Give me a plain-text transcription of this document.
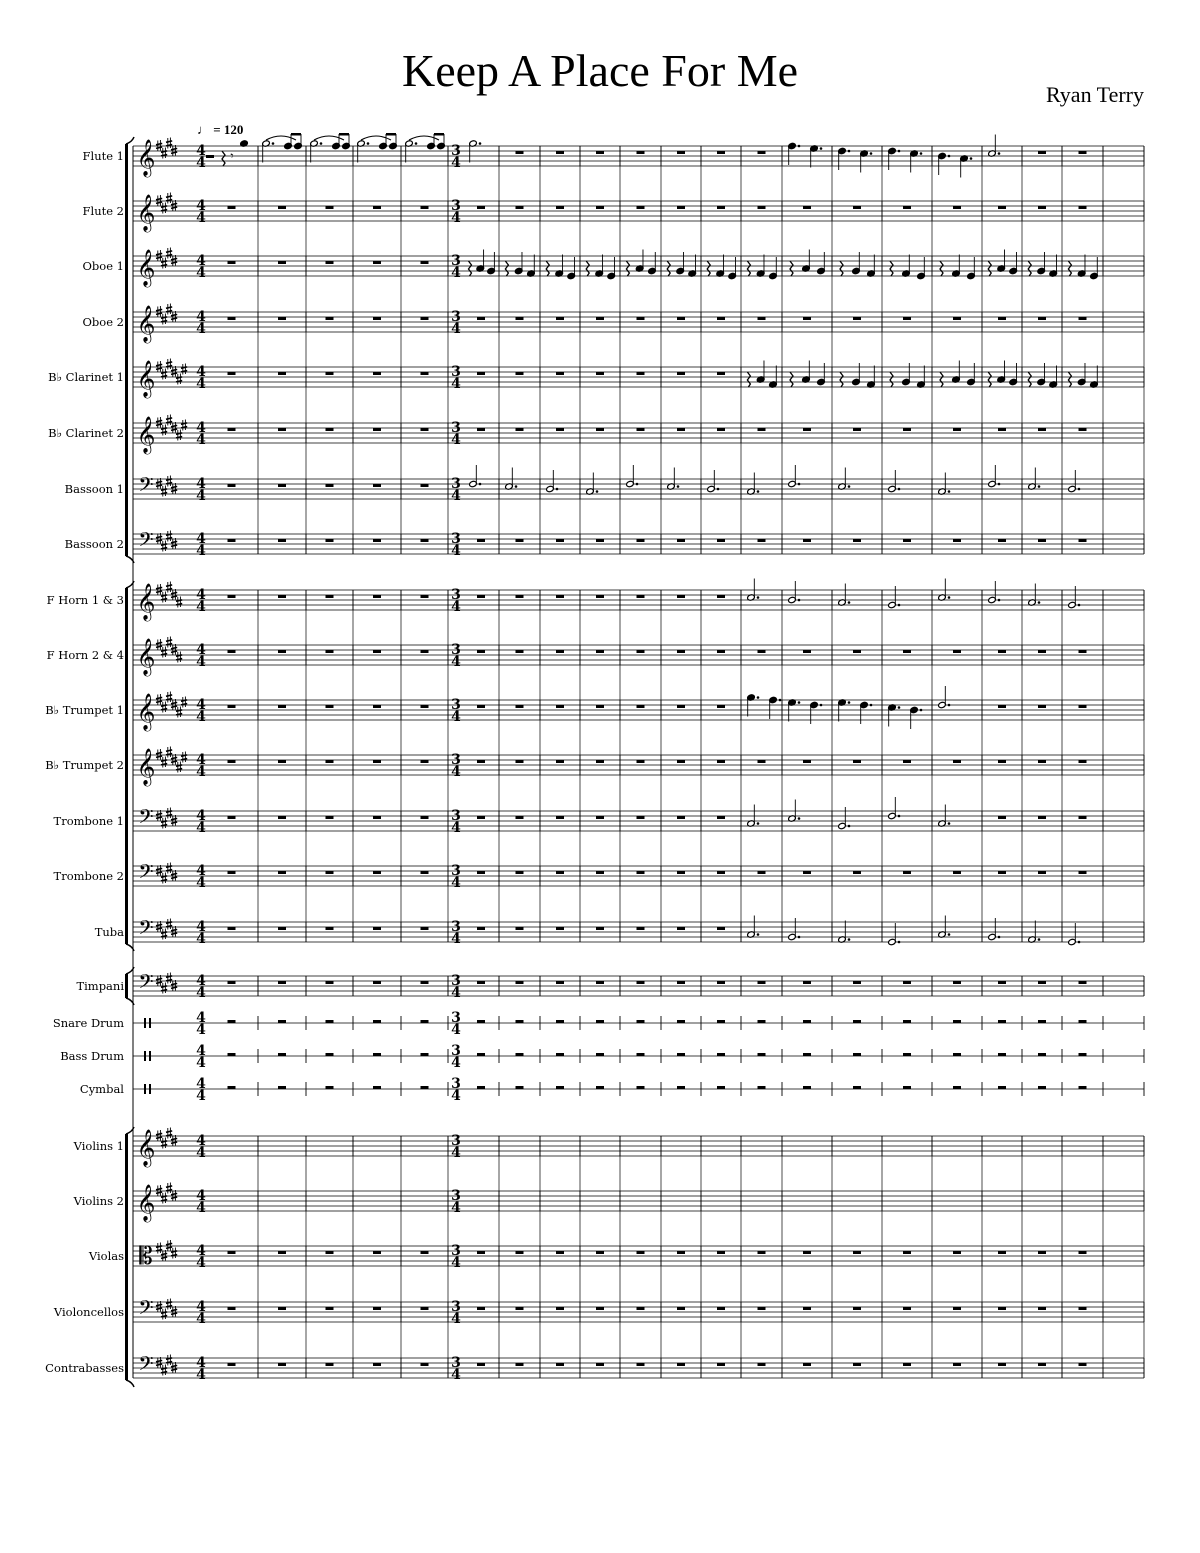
Keep A Place For Me	Ryan Terry
♩ = 120
Flute 1 𝄞	4
4
3
4
Flute 2 𝄞	4
4
3
4
Oboe 1 𝄞	4
4
3
4
Oboe 2 𝄞	4
4
3
4
B♭ Clarinet 1 𝄞	4
4
3
4
B♭ Clarinet 2 𝄞	4
4
3
4
Bassoon 1 𝄢	4
4
3
4
Bassoon 2 𝄢	4
4
3
4
F Horn 1 & 3 𝄞	4
4
3
4
F Horn 2 & 4 𝄞	4
4
3
4
B♭ Trumpet 1 𝄞	4
4
3
4
B♭ Trumpet 2 𝄞	4
4
3
4
Trombone 1 𝄢	4
4
3
4
Trombone 2 𝄢	4
4
3
4
Tuba 𝄢	4
4
3
4
Timpani 𝄢	4
4
3
4
Snare Drum	4
4
3
4
Bass Drum	4
4
3
4
Cymbal	4
4
3
4
Violins 1 𝄞	4
4
3
4
Violins 2 𝄞	4
4
3
4
Violas 𝄡	4
4
3
4
Violoncellos 𝄢	4
4
3
4
Contrabasses 𝄢	4
4
3
4
𝄾
